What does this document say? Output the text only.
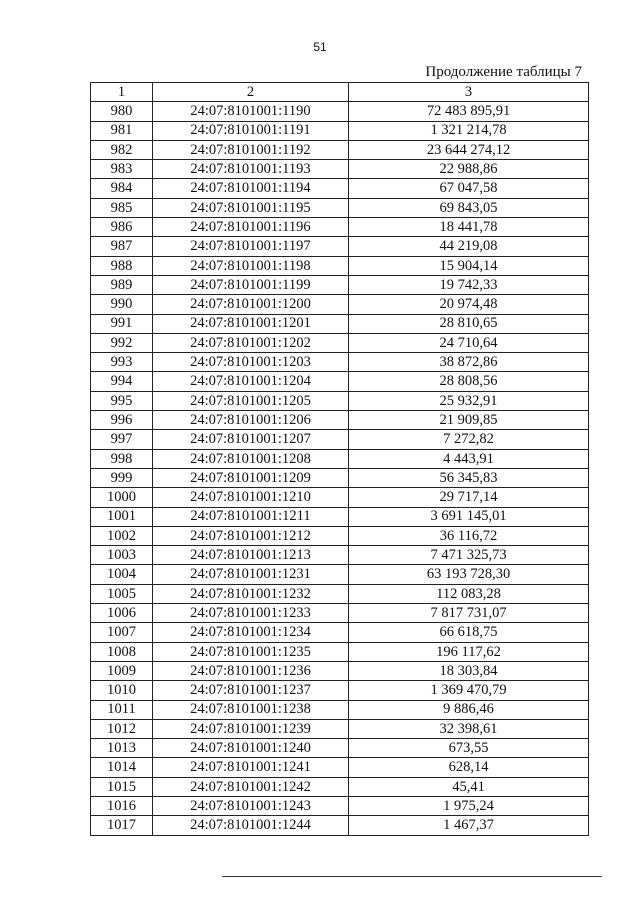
51
Продолжение таблицы 7
1	2	3
980	24:07:8101001:1190	72 483 895,91
981	24:07:8101001:1191	1 321 214,78
982	24:07:8101001:1192	23 644 274,12
983	24:07:8101001:1193	22 988,86
984	24:07:8101001:1194	67 047,58
985	24:07:8101001:1195	69 843,05
986	24:07:8101001:1196	18 441,78
987	24:07:8101001:1197	44 219,08
988	24:07:8101001:1198	15 904,14
989	24:07:8101001:1199	19 742,33
990	24:07:8101001:1200	20 974,48
991	24:07:8101001:1201	28 810,65
992	24:07:8101001:1202	24 710,64
993	24:07:8101001:1203	38 872,86
994	24:07:8101001:1204	28 808,56
995	24:07:8101001:1205	25 932,91
996	24:07:8101001:1206	21 909,85
997	24:07:8101001:1207	7 272,82
998	24:07:8101001:1208	4 443,91
999	24:07:8101001:1209	56 345,83
1000	24:07:8101001:1210	29 717,14
1001	24:07:8101001:1211	3 691 145,01
1002	24:07:8101001:1212	36 116,72
1003	24:07:8101001:1213	7 471 325,73
1004	24:07:8101001:1231	63 193 728,30
1005	24:07:8101001:1232	112 083,28
1006	24:07:8101001:1233	7 817 731,07
1007	24:07:8101001:1234	66 618,75
1008	24:07:8101001:1235	196 117,62
1009	24:07:8101001:1236	18 303,84
1010	24:07:8101001:1237	1 369 470,79
1011	24:07:8101001:1238	9 886,46
1012	24:07:8101001:1239	32 398,61
1013	24:07:8101001:1240	673,55
1014	24:07:8101001:1241	628,14
1015	24:07:8101001:1242	45,41
1016	24:07:8101001:1243	1 975,24
1017	24:07:8101001:1244	1 467,37
